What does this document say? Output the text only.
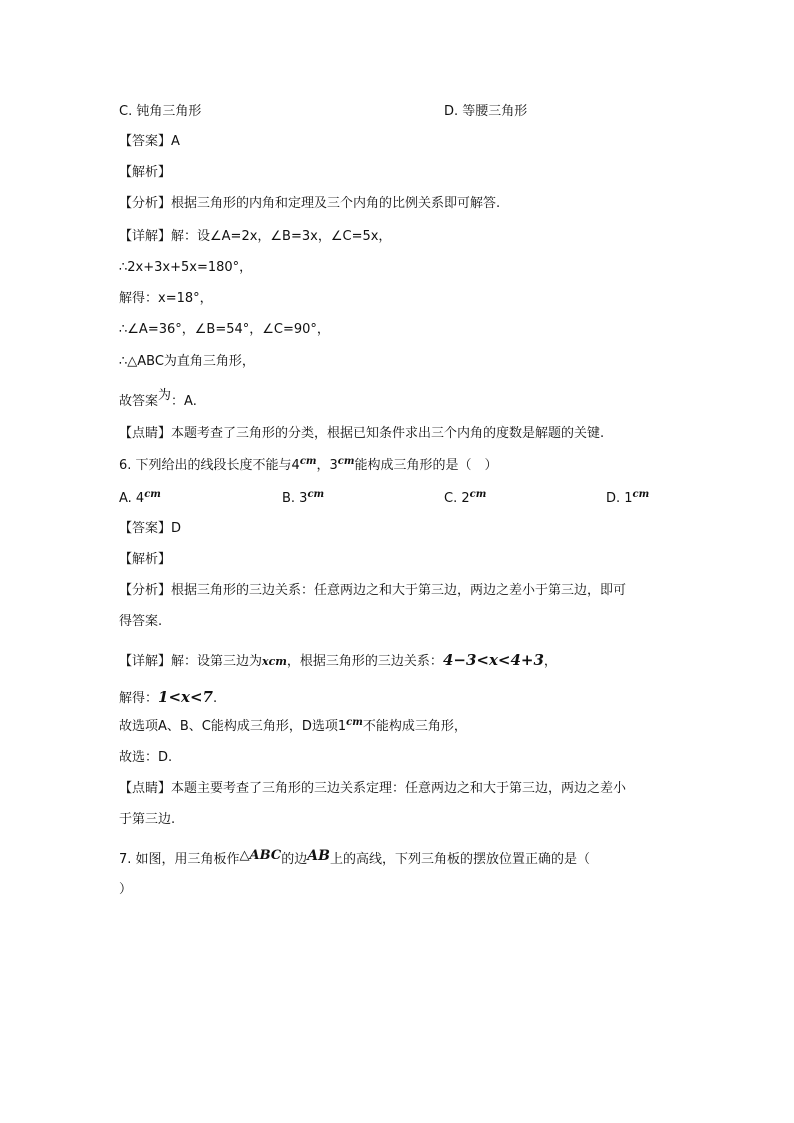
C. 钝角三角形	D. 等腰三角形
【答案】A
【解析】
【分析】根据三角形的内角和定理及三个内角的比例关系即可解答.
【详解】解：设∠A=2x，∠B=3x，∠C=5x，
∴2x+3x+5x=180°，
解得：x=18°，
∴∠A=36°，∠B=54°，∠C=90°，
∴△ABC为直角三角形，
故答案为：A.
【点睛】本题考查了三角形的分类，根据已知条件求出三个内角的度数是解题的关键.
6. 下列给出的线段长度不能与$4^{cm}$，$3^{cm}$能构成三角形的是（　）
A. $4^{cm}$	B. $3^{cm}$	C. $2^{cm}$	D. $1^{cm}$
【答案】D
【解析】
【分析】根据三角形的三边关系：任意两边之和大于第三边，两边之差小于第三边，即可
得答案.
【详解】解：设第三边为xcm，根据三角形的三边关系：4−3<x<4+3，
解得：1<x<7.
故选项A、B、C能构成三角形，D选项$1^{cm}$不能构成三角形，
故选：D.
【点睛】本题主要考查了三角形的三边关系定理：任意两边之和大于第三边，两边之差小
于第三边.
7. 如图，用三角板作△ABC的边AB上的高线，下列三角板的摆放位置正确的是（
）
